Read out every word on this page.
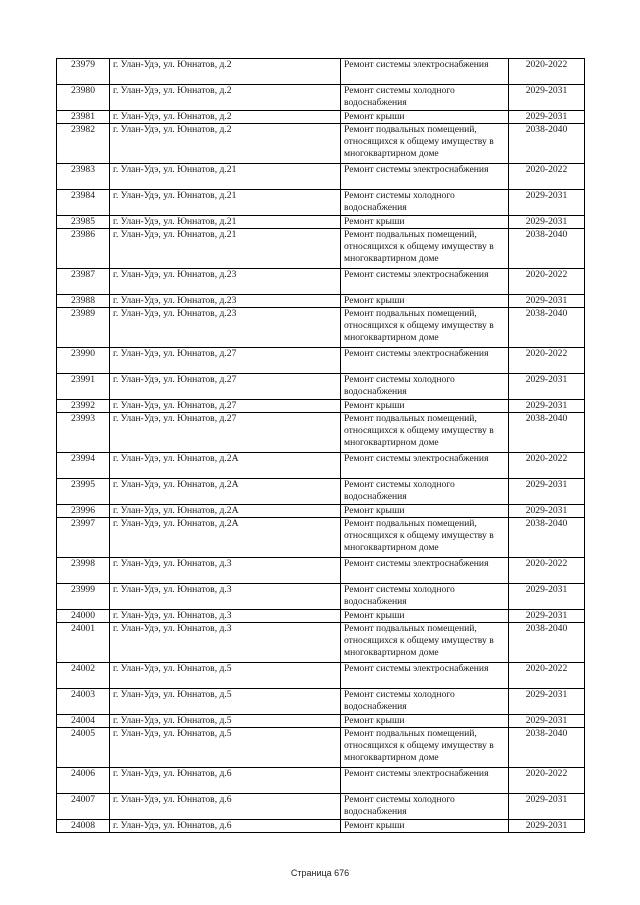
23979	г. Улан-Удэ, ул. Юннатов, д.2	Ремонт системы электроснабжения	2020-2022
23980	г. Улан-Удэ, ул. Юннатов, д.2	Ремонт системы холодного водоснабжения	2029-2031
23981	г. Улан-Удэ, ул. Юннатов, д.2	Ремонт крыши	2029-2031
23982	г. Улан-Удэ, ул. Юннатов, д.2	Ремонт подвальных помещений, относящихся к общему имуществу в многоквартирном доме	2038-2040
23983	г. Улан-Удэ, ул. Юннатов, д.21	Ремонт системы электроснабжения	2020-2022
23984	г. Улан-Удэ, ул. Юннатов, д.21	Ремонт системы холодного водоснабжения	2029-2031
23985	г. Улан-Удэ, ул. Юннатов, д.21	Ремонт крыши	2029-2031
23986	г. Улан-Удэ, ул. Юннатов, д.21	Ремонт подвальных помещений, относящихся к общему имуществу в многоквартирном доме	2038-2040
23987	г. Улан-Удэ, ул. Юннатов, д.23	Ремонт системы электроснабжения	2020-2022
23988	г. Улан-Удэ, ул. Юннатов, д.23	Ремонт крыши	2029-2031
23989	г. Улан-Удэ, ул. Юннатов, д.23	Ремонт подвальных помещений, относящихся к общему имуществу в многоквартирном доме	2038-2040
23990	г. Улан-Удэ, ул. Юннатов, д.27	Ремонт системы электроснабжения	2020-2022
23991	г. Улан-Удэ, ул. Юннатов, д.27	Ремонт системы холодного водоснабжения	2029-2031
23992	г. Улан-Удэ, ул. Юннатов, д.27	Ремонт крыши	2029-2031
23993	г. Улан-Удэ, ул. Юннатов, д.27	Ремонт подвальных помещений, относящихся к общему имуществу в многоквартирном доме	2038-2040
23994	г. Улан-Удэ, ул. Юннатов, д.2А	Ремонт системы электроснабжения	2020-2022
23995	г. Улан-Удэ, ул. Юннатов, д.2А	Ремонт системы холодного водоснабжения	2029-2031
23996	г. Улан-Удэ, ул. Юннатов, д.2А	Ремонт крыши	2029-2031
23997	г. Улан-Удэ, ул. Юннатов, д.2А	Ремонт подвальных помещений, относящихся к общему имуществу в многоквартирном доме	2038-2040
23998	г. Улан-Удэ, ул. Юннатов, д.3	Ремонт системы электроснабжения	2020-2022
23999	г. Улан-Удэ, ул. Юннатов, д.3	Ремонт системы холодного водоснабжения	2029-2031
24000	г. Улан-Удэ, ул. Юннатов, д.3	Ремонт крыши	2029-2031
24001	г. Улан-Удэ, ул. Юннатов, д.3	Ремонт подвальных помещений, относящихся к общему имуществу в многоквартирном доме	2038-2040
24002	г. Улан-Удэ, ул. Юннатов, д.5	Ремонт системы электроснабжения	2020-2022
24003	г. Улан-Удэ, ул. Юннатов, д.5	Ремонт системы холодного водоснабжения	2029-2031
24004	г. Улан-Удэ, ул. Юннатов, д.5	Ремонт крыши	2029-2031
24005	г. Улан-Удэ, ул. Юннатов, д.5	Ремонт подвальных помещений, относящихся к общему имуществу в многоквартирном доме	2038-2040
24006	г. Улан-Удэ, ул. Юннатов, д.6	Ремонт системы электроснабжения	2020-2022
24007	г. Улан-Удэ, ул. Юннатов, д.6	Ремонт системы холодного водоснабжения	2029-2031
24008	г. Улан-Удэ, ул. Юннатов, д.6	Ремонт крыши	2029-2031
Страница 676
